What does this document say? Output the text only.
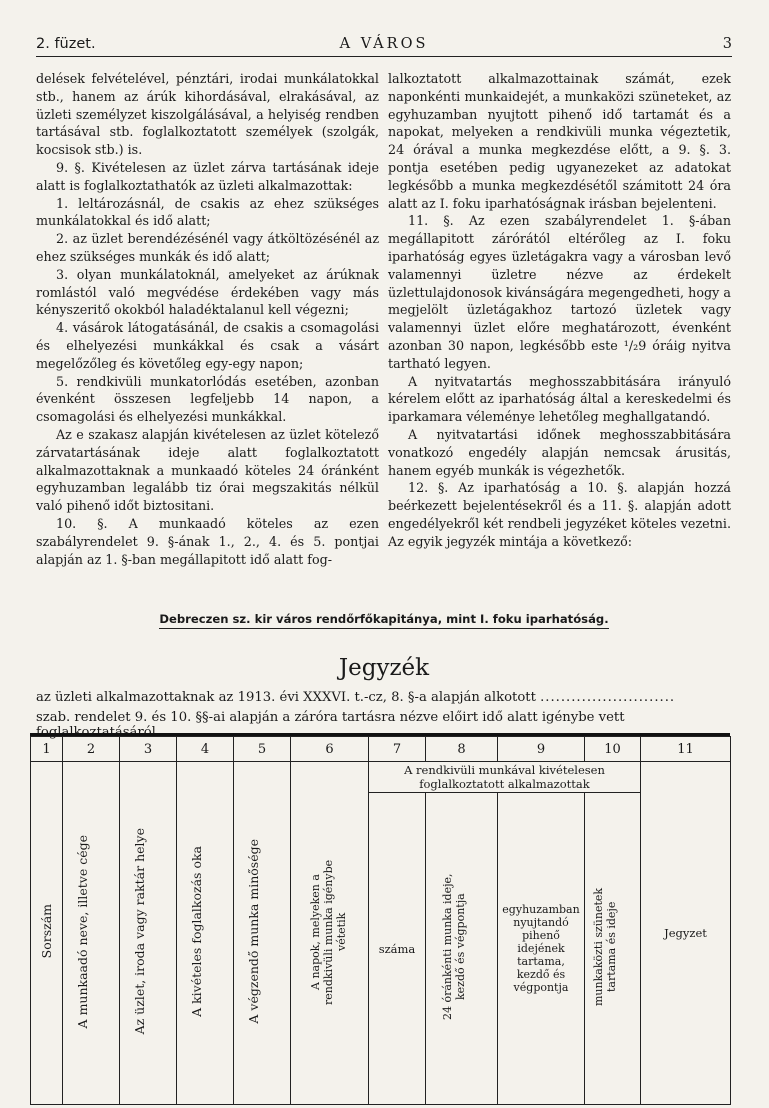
2. füzet.	A VÁROS	3

delések felvételével, pénztári, irodai munkálatokkal stb., hanem az árúk kihordásával, elrakásával, az üzleti személyzet kiszolgálásával, a helyiség rendben tartásával stb. foglalkoztatott személyek (szolgák, kocsisok stb.) is.

9. §. Kivételesen az üzlet zárva tartásának ideje alatt is foglalkoztathatók az üzleti alkalmazottak:

1. leltározásnál, de csakis az ehez szükséges munkálatokkal és idő alatt;

2. az üzlet berendézésénél vagy átköltözésénél az ehez szükséges munkák és idő alatt;

3. olyan munkálatoknál, amelyeket az árúknak romlástól való megvédése érdekében vagy más kényszeritő okokból haladéktalanul kell végezni;

4. vásárok látogatásánál, de csakis a csomagolási és elhelyezési munkákkal és csak a vásárt megelőzőleg és követőleg egy-egy napon;

5. rendkivüli munkatorlódás esetében, azonban évenként összesen legfeljebb 14 napon, a csomagolási és elhelyezési munkákkal.

Az e szakasz alapján kivételesen az üzlet kötelező zárvatartásának ideje alatt foglalkoztatott alkalmazottaknak a munkaadó köteles 24 óránként egyhuzamban legalább tiz órai megszakitás nélkül való pihenő időt biztositani.

10. §. A munkaadó köteles az ezen szabályrendelet 9. §-ának 1., 2., 4. és 5. pontjai alapján az 1. §-ban megállapitott idő alatt fog-

lalkoztatott alkalmazottainak számát, ezek naponkénti munkaidejét, a munkaközi szüneteket, az egyhuzamban nyujtott pihenő idő tartamát és a napokat, melyeken a rendkivüli munka végeztetik, 24 órával a munka megkezdése előtt, a 9. §. 3. pontja esetében pedig ugyanezeket az adatokat legkésőbb a munka megkezdésétől számitott 24 óra alatt az I. foku iparhatóságnak irásban bejelenteni.

11. §. Az ezen szabályrendelet 1. §-ában megállapitott zárórától eltérőleg az I. foku iparhatóság egyes üzletágakra vagy a városban levő valamennyi üzletre nézve az érdekelt üzlettulajdonosok kivánságára megengedheti, hogy a megjelölt üzletágakhoz tartozó üzletek vagy valamennyi üzlet előre meghatározott, évenként azonban 30 napon, legkésőbb este ¹/₂9 óráig nyitva tartható legyen.

A nyitvatartás meghosszabbitására irányuló kérelem előtt az iparhatóság által a kereskedelmi és iparkamara véleménye lehetőleg meghallgatandó.

A nyitvatartási időnek meghosszabbitására vonatkozó engedély alapján nemcsak árusitás, hanem egyéb munkák is végezhetők.

12. §. Az iparhatóság a 10. §. alapján hozzá beérkezett bejelentésekről és a 11. §. alapján adott engedélyekről két rendbeli jegyzéket köteles vezetni. Az egyik jegyzék mintája a következő:

Debreczen sz. kir város rendőrfőkapitánya, mint I. foku iparhatóság.
Jegyzék
az üzleti alkalmazottaknak az 1913. évi XXXVI. t.-cz, 8. §-a alapján alkotott ..........................
szab. rendelet 9. és 10. §§-ai alapján a záróra tartásra nézve előirt idő alatt igénybe vett foglalkoztatásáról.
1	2	3	4	5	6	7	8	9	10	11
Sorszám	A munkaadó neve, illetve cége	Az üzlet, iroda vagy raktár helye	A kivételes foglalkozás oka	A végzendő munka minősége	A napok, melyeken a rendkivüli munka igénybe vétetik	A rendkivüli munkával kivételesen foglalkoztatott alkalmazottak				Jegyzet
						száma	24 óránkénti munka ideje, kezdő és végpontja	egyhuzamban nyujtandó pihenő idejének tartama, kezdő és végpontja	munkaközti szünetek tartama és ideje	
